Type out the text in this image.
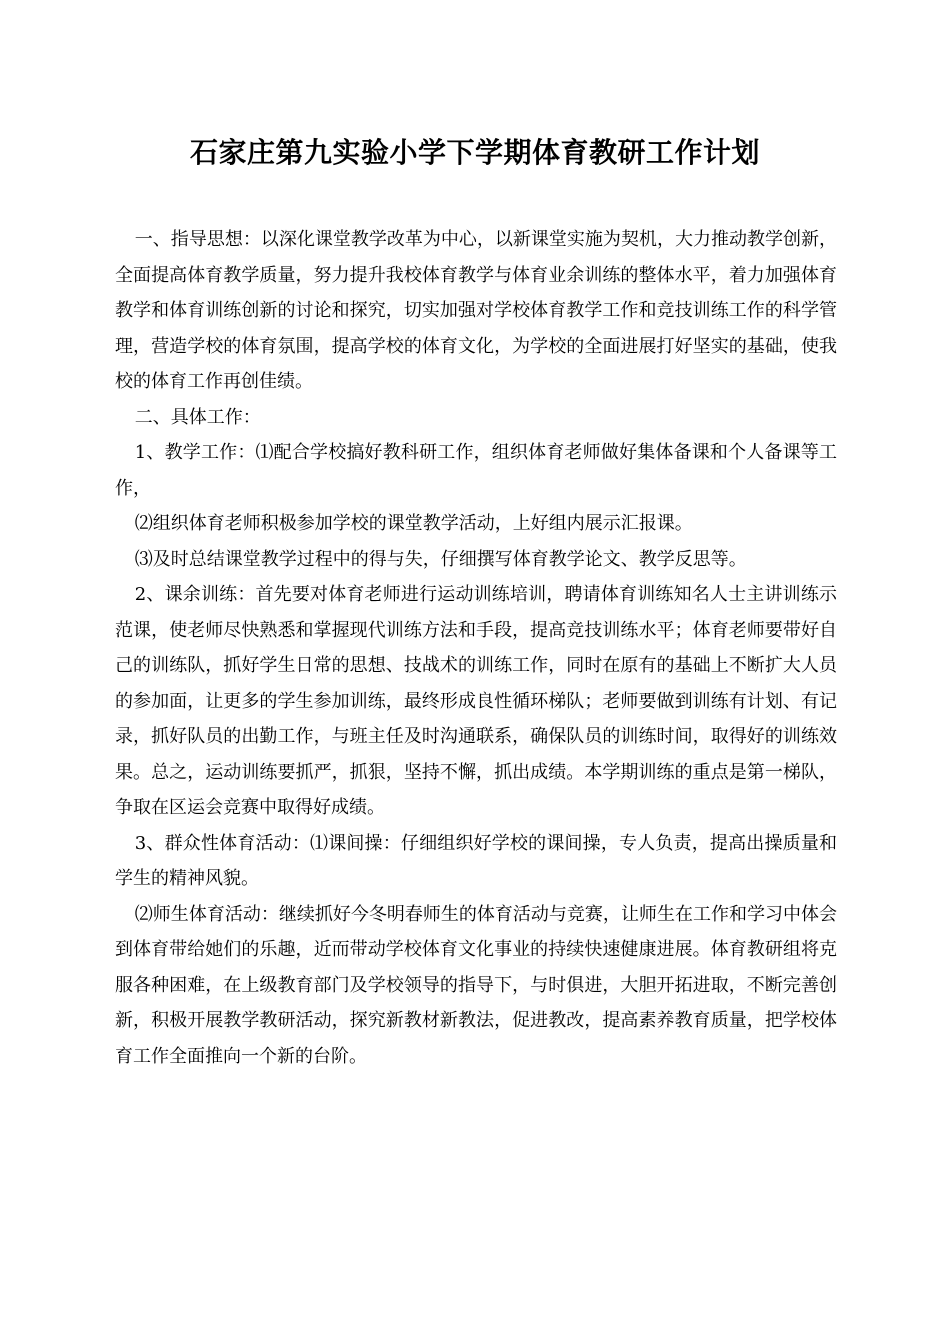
石家庄第九实验小学下学期体育教研工作计划

一、指导思想：以深化课堂教学改革为中心，以新课堂实施为契机，大力推动教学创新，全面提高体育教学质量，努力提升我校体育教学与体育业余训练的整体水平，着力加强体育教学和体育训练创新的讨论和探究，切实加强对学校体育教学工作和竞技训练工作的科学管理，营造学校的体育氛围，提高学校的体育文化，为学校的全面进展打好坚实的基础，使我校的体育工作再创佳绩。

二、具体工作：

1、教学工作：⑴配合学校搞好教科研工作，组织体育老师做好集体备课和个人备课等工作，

⑵组织体育老师积极参加学校的课堂教学活动，上好组内展示汇报课。

⑶及时总结课堂教学过程中的得与失，仔细撰写体育教学论文、教学反思等。

2、课余训练：首先要对体育老师进行运动训练培训，聘请体育训练知名人士主讲训练示范课，使老师尽快熟悉和掌握现代训练方法和手段，提高竞技训练水平；体育老师要带好自己的训练队，抓好学生日常的思想、技战术的训练工作，同时在原有的基础上不断扩大人员的参加面，让更多的学生参加训练，最终形成良性循环梯队；老师要做到训练有计划、有记录，抓好队员的出勤工作，与班主任及时沟通联系，确保队员的训练时间，取得好的训练效果。总之，运动训练要抓严，抓狠，坚持不懈，抓出成绩。本学期训练的重点是第一梯队，争取在区运会竞赛中取得好成绩。

3、群众性体育活动：⑴课间操：仔细组织好学校的课间操，专人负责，提高出操质量和学生的精神风貌。

⑵师生体育活动：继续抓好今冬明春师生的体育活动与竞赛，让师生在工作和学习中体会到体育带给她们的乐趣，近而带动学校体育文化事业的持续快速健康进展。体育教研组将克服各种困难，在上级教育部门及学校领导的指导下，与时俱进，大胆开拓进取，不断完善创新，积极开展教学教研活动，探究新教材新教法，促进教改，提高素养教育质量，把学校体育工作全面推向一个新的台阶。
